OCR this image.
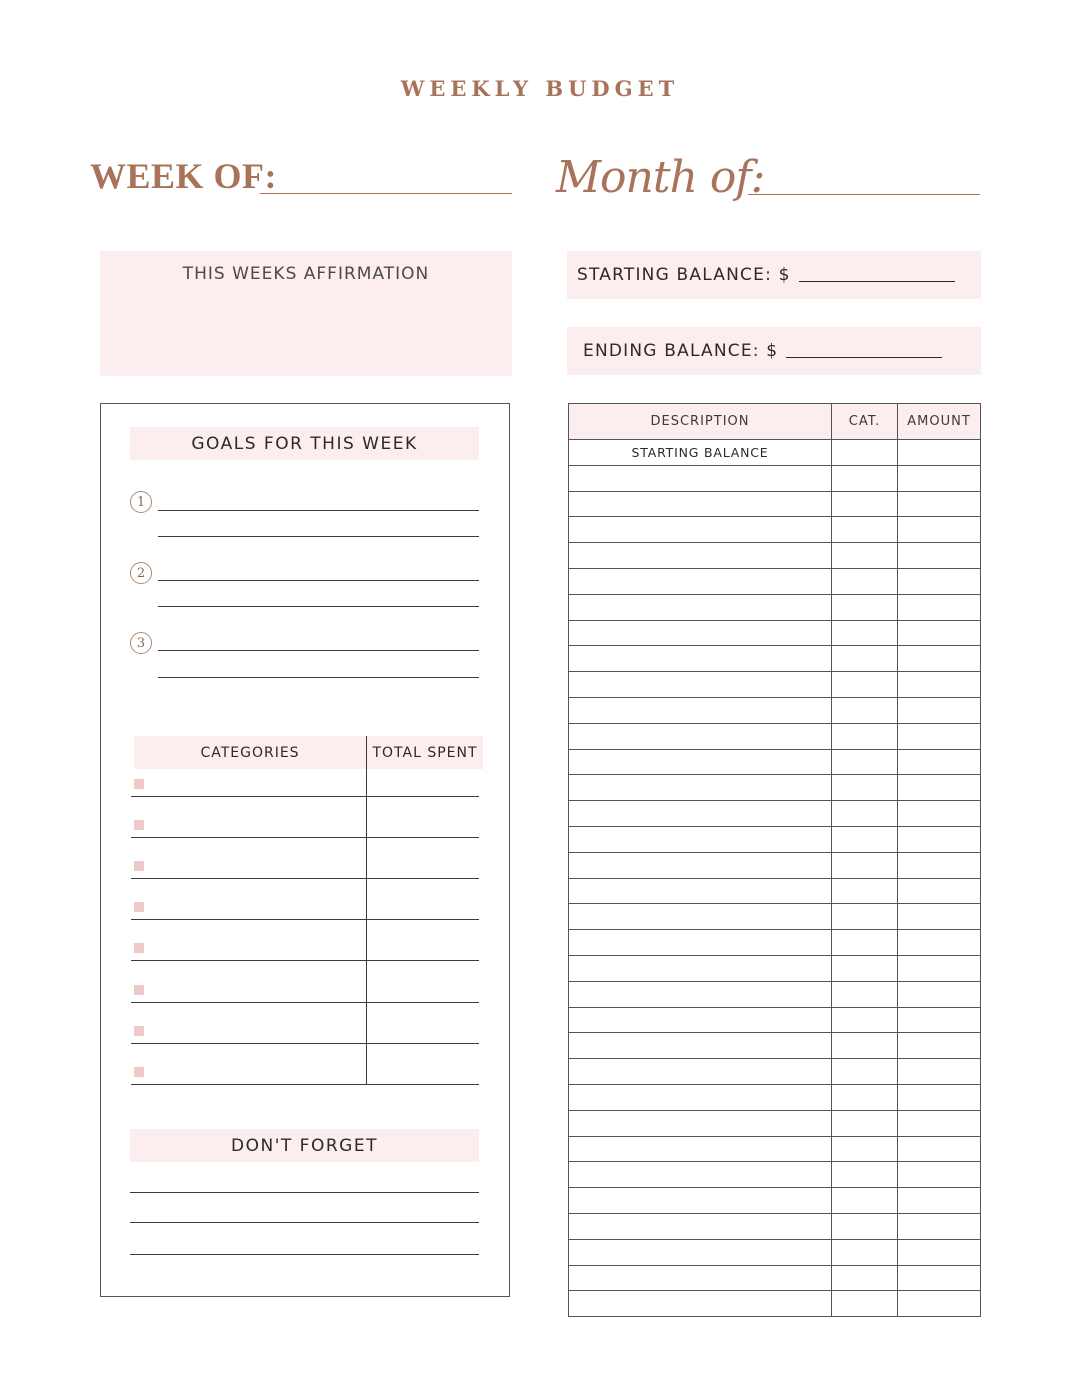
WEEKLY BUDGET
WEEK OF:	Month of:
THIS WEEKS AFFIRMATION	STARTING BALANCE: $
ENDING BALANCE: $
GOALS FOR THIS WEEK
1
2
3
CATEGORIES	TOTAL SPENT
DON'T FORGET
DESCRIPTION	CAT.	AMOUNT
STARTING BALANCE		
